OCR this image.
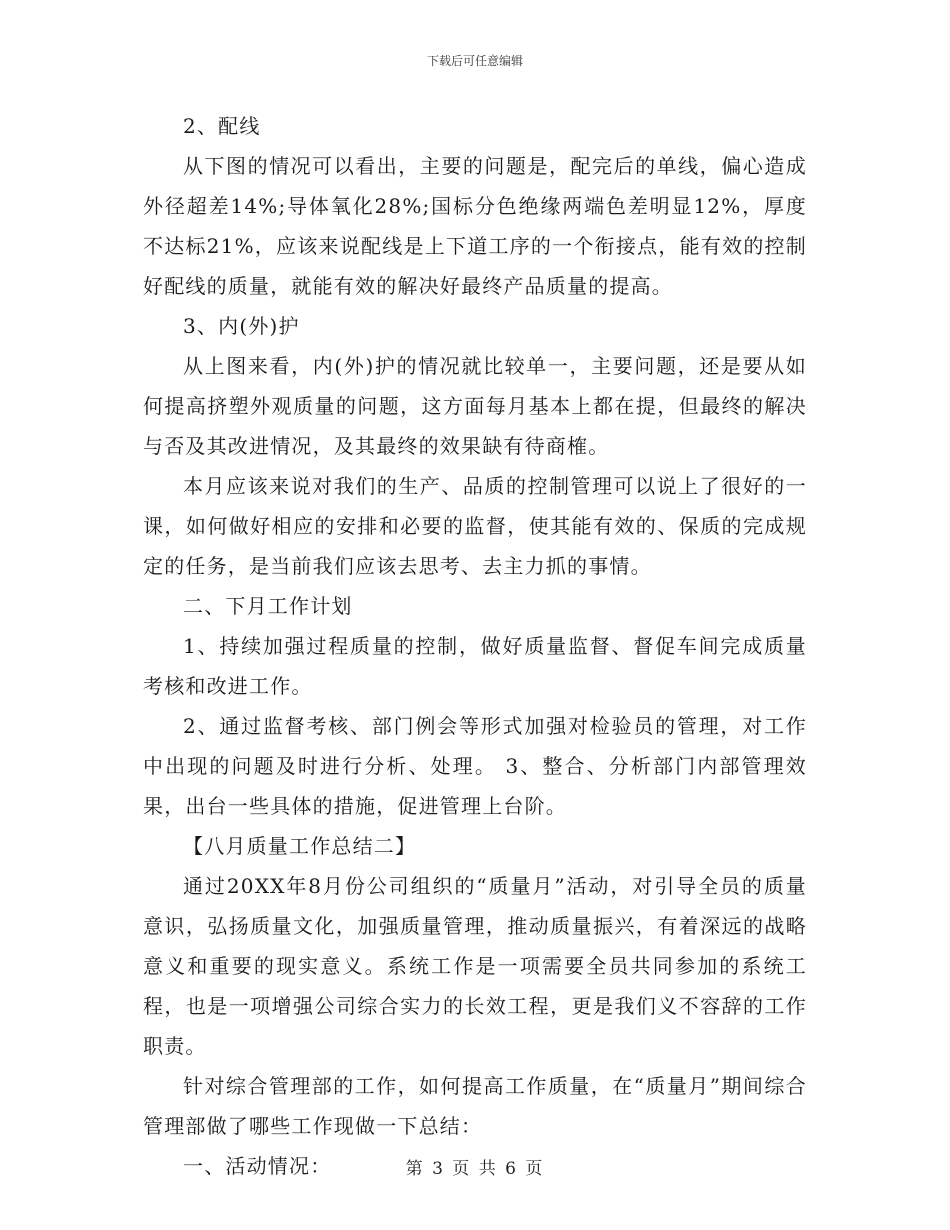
下载后可任意编辑

2、配线

从下图的情况可以看出，主要的问题是，配完后的单线，偏心造成外径超差14%;导体氧化28%;国标分色绝缘两端色差明显12%，厚度不达标21%，应该来说配线是上下道工序的一个衔接点，能有效的控制好配线的质量，就能有效的解决好最终产品质量的提高。

3、内(外)护

从上图来看，内(外)护的情况就比较单一，主要问题，还是要从如何提高挤塑外观质量的问题，这方面每月基本上都在提，但最终的解决与否及其改进情况，及其最终的效果缺有待商榷。

本月应该来说对我们的生产、品质的控制管理可以说上了很好的一课，如何做好相应的安排和必要的监督，使其能有效的、保质的完成规定的任务，是当前我们应该去思考、去主力抓的事情。

二、下月工作计划

1、持续加强过程质量的控制，做好质量监督、督促车间完成质量考核和改进工作。

2、通过监督考核、部门例会等形式加强对检验员的管理，对工作中出现的问题及时进行分析、处理。 3、整合、分析部门内部管理效果，出台一些具体的措施，促进管理上台阶。

【八月质量工作总结二】

通过20XX年8月份公司组织的“质量月”活动，对引导全员的质量意识，弘扬质量文化，加强质量管理，推动质量振兴，有着深远的战略意义和重要的现实意义。系统工作是一项需要全员共同参加的系统工程，也是一项增强公司综合实力的长效工程，更是我们义不容辞的工作职责。

针对综合管理部的工作，如何提高工作质量，在“质量月”期间综合管理部做了哪些工作现做一下总结：

一、活动情况：	第 3 页 共 6 页
